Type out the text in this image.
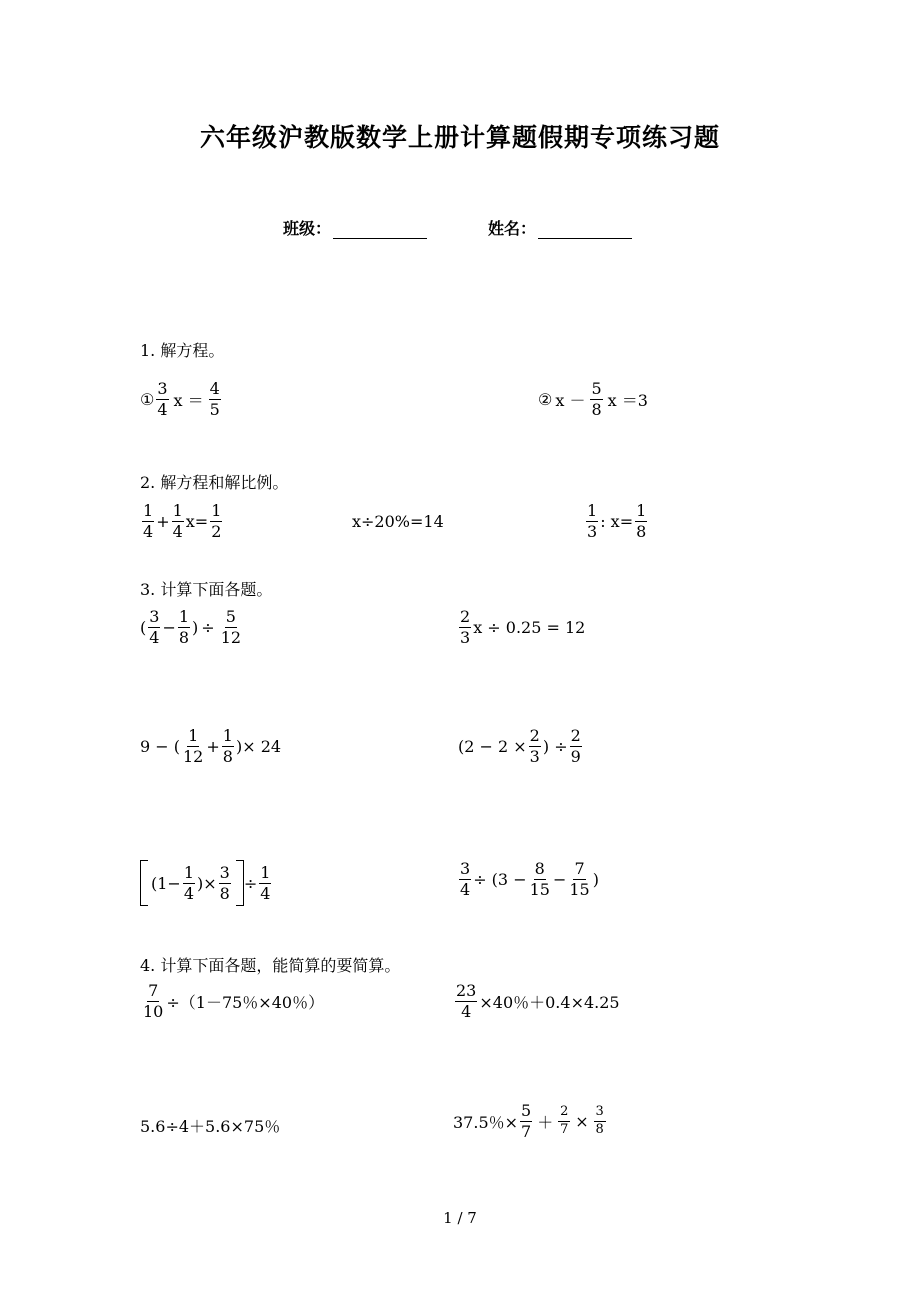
六年级沪教版数学上册计算题假期专项练习题
班级：	姓名：
1. 解方程。
① $\frac{3}{4}$ $x = \frac{4}{5}$	② $x - \frac{5}{8}$ x ＝3
2. 解方程和解比例。
$\frac{1}{4} + \frac{1}{4} x= \frac{1}{2}$	x÷20%=14	$\frac{1}{3}$ : $x= \frac{1}{8}$
3. 计算下面各题。
( $\frac{3}{4} - \frac{1}{8}$ ) ÷ $\frac{5}{12}$	$\frac{2}{3}$ x ÷ 0.25 = 12
9 − ( $\frac{1}{12} + \frac{1}{8}$ )× 24	($2 - 2 \times \frac{2}{3}$ ) ÷ $\frac{2}{9}$
($1- \frac{1}{4}$ )× $\frac{3}{8} \div \frac{1}{4}$	$\frac{3}{4} \div (3 - \frac{8}{15} - \frac{7}{15}$ )
4. 计算下面各题，能简算的要简算。
$\frac{7}{10} \div(1-75$％×40％）	$\frac{23}{4} \times 40$％＋0.4×4.25
5.6÷4＋5.6×75％	37.5％× $\frac{5}{7} + \frac{2}{7} \times \frac{3}{8}$
1 / 7
